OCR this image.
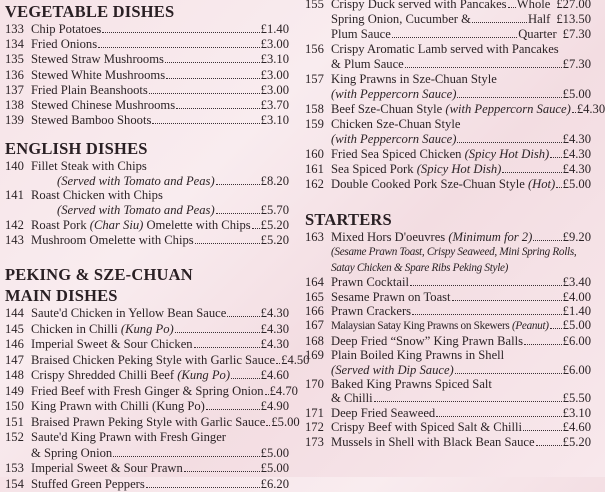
VEGETABLE DISHES
133 Chip Potatoes	£1.40
134 Fried Onions	£3.00
135 Stewed Straw Mushrooms	£3.10
136 Stewed White Mushrooms	£3.00
137 Fried Plain Beanshoots	£3.00
138 Stewed Chinese Mushrooms	£3.70
139 Stewed Bamboo Shoots	£3.10
ENGLISH DISHES
140 Fillet Steak with Chips
(Served with Tomato and Peas)	£8.20
141 Roast Chicken with Chips
(Served with Tomato and Peas)	£5.70
142 Roast Pork (Char Siu) Omelette with Chips £5.20
143 Mushroom Omelette with Chips	£5.20
PEKING & SZE-CHUAN
MAIN DISHES
144 Saute'd Chicken in Yellow Bean Sauce	£4.30
145 Chicken in Chilli (Kung Po)	£4.30
146 Imperial Sweet & Sour Chicken	£4.30
147 Braised Chicken Peking Style with Garlic Sauce £4.50
148 Crispy Shredded Chilli Beef (Kung Po) £4.60
149 Fried Beef with Fresh Ginger & Spring Onion £4.70
150 King Prawn with Chilli (Kung Po)	£4.90
151 Braised Prawn Peking Style with Garlic Sauce £5.00
152 Saute'd King Prawn with Fresh Ginger
& Spring Onion	£5.00
153 Imperial Sweet & Sour Prawn	£5.00
154 Stuffed Green Peppers	£6.20
155 Crispy Duck served with Pancakes Whole £27.00
Spring Onion, Cucumber &	Half £13.50
Plum Sauce	Quarter £7.30
156 Crispy Aromatic Lamb served with Pancakes
& Plum Sauce	£7.30
157 King Prawns in Sze-Chuan Style
(with Peppercorn Sauce)	£5.00
158 Beef Sze-Chuan Style (with Peppercorn Sauce) £4.30
159 Chicken Sze-Chuan Style
(with Peppercorn Sauce)	£4.30
160 Fried Sea Spiced Chicken (Spicy Hot Dish) £4.30
161 Sea Spiced Pork (Spicy Hot Dish)	£4.30
162 Double Cooked Pork Sze-Chuan Style (Hot) £5.00
STARTERS
163 Mixed Hors D'oeuvres (Minimum for 2) £9.20
(Sesame Prawn Toast, Crispy Seaweed, Mini Spring Rolls,
Satay Chicken & Spare Ribs Peking Style)
164 Prawn Cocktail	£3.40
165 Sesame Prawn on Toast	£4.00
166 Prawn Crackers	£1.40
167 Malaysian Satay King Prawns on Skewers (Peanut) £5.00
168 Deep Fried “Snow” King Prawn Balls	£6.00
169 Plain Boiled King Prawns in Shell
(Served with Dip Sauce)	£6.00
170 Baked King Prawns Spiced Salt
& Chilli	£5.50
171 Deep Fried Seaweed	£3.10
172 Crispy Beef with Spiced Salt & Chilli	£4.60
173 Mussels in Shell with Black Bean Sauce £5.20
